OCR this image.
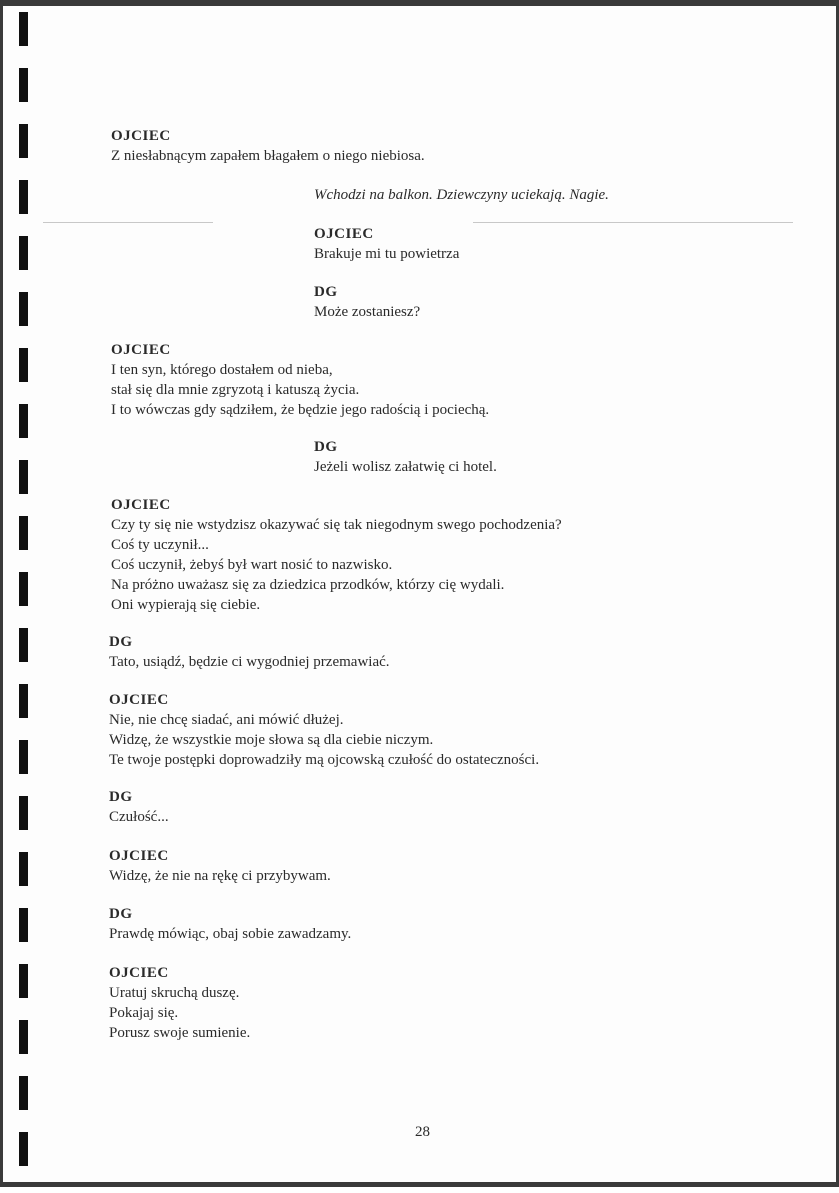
OJCIEC
Z niesłabnącym zapałem błagałem o niego niebiosa.
Wchodzi na balkon. Dziewczyny uciekają. Nagie.
OJCIEC
Brakuje mi tu powietrza
DG
Może zostaniesz?
OJCIEC
I ten syn, którego dostałem od nieba,
stał się dla mnie zgryzotą i katuszą życia.
I to wówczas gdy sądziłem, że będzie jego radością i pociechą.
DG
Jeżeli wolisz załatwię ci hotel.
OJCIEC
Czy ty się nie wstydzisz okazywać się tak niegodnym swego pochodzenia?
Coś ty uczynił...
Coś uczynił, żebyś był wart nosić to nazwisko.
Na próżno uważasz się za dziedzica przodków, którzy cię wydali.
Oni wypierają się ciebie.
DG
Tato, usiądź, będzie ci wygodniej przemawiać.
OJCIEC
Nie, nie chcę siadać, ani mówić dłużej.
Widzę, że wszystkie moje słowa są dla ciebie niczym.
Te twoje postępki doprowadziły mą ojcowską czułość do ostateczności.
DG
Czułość...
OJCIEC
Widzę, że nie na rękę ci przybywam.
DG
Prawdę mówiąc, obaj sobie zawadzamy.
OJCIEC
Uratuj skruchą duszę.
Pokajaj się.
Porusz swoje sumienie.
28
